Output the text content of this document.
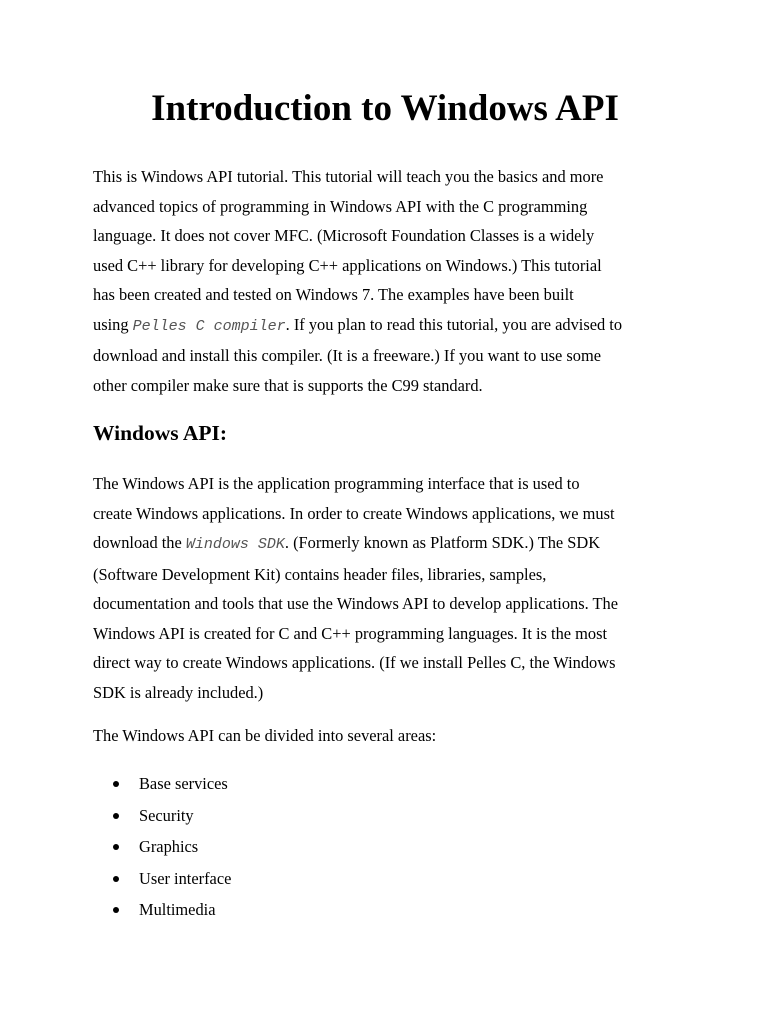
Introduction to Windows API

This is Windows API tutorial. This tutorial will teach you the basics and more
advanced topics of programming in Windows API with the C programming
language. It does not cover MFC. (Microsoft Foundation Classes is a widely
used C++ library for developing C++ applications on Windows.) This tutorial
has been created and tested on Windows 7. The examples have been built
using Pelles C compiler. If you plan to read this tutorial, you are advised to
download and install this compiler. (It is a freeware.) If you want to use some
other compiler make sure that is supports the C99 standard.

Windows API:

The Windows API is the application programming interface that is used to
create Windows applications. In order to create Windows applications, we must
download the Windows SDK. (Formerly known as Platform SDK.) The SDK
(Software Development Kit) contains header files, libraries, samples,
documentation and tools that use the Windows API to develop applications. The
Windows API is created for C and C++ programming languages. It is the most
direct way to create Windows applications. (If we install Pelles C, the Windows
SDK is already included.)

The Windows API can be divided into several areas:

Base services
Security
Graphics
User interface
Multimedia
